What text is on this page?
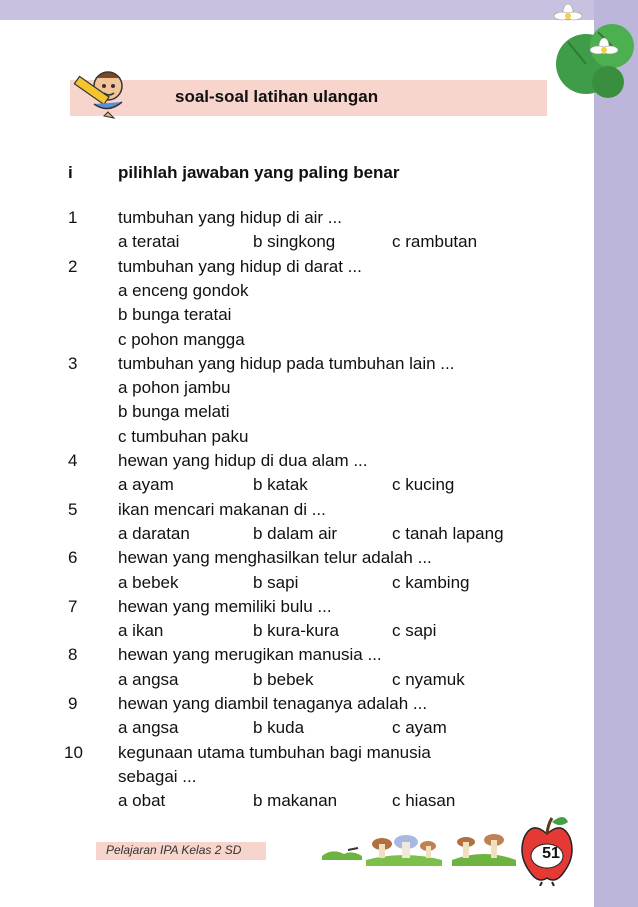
soal-soal latihan ulangan
i	pilihlah jawaban yang paling benar
1 tumbuhan yang hidup di air ...
a teratai	b singkong	c rambutan
2 tumbuhan yang hidup di darat ...
a enceng gondok
b bunga teratai
c pohon mangga
3 tumbuhan yang hidup pada tumbuhan lain ...
a pohon jambu
b bunga melati
c tumbuhan paku
4 hewan yang hidup di dua alam ...
a ayam	b katak	c kucing
5 ikan mencari makanan di ...
a daratan	b dalam air	c tanah lapang
6 hewan yang menghasilkan telur adalah ...
a bebek	b sapi	c kambing
7 hewan yang memiliki bulu ...
a ikan	b kura-kura	c sapi
8 hewan yang merugikan manusia ...
a angsa	b bebek	c nyamuk
9 hewan yang diambil tenaganya adalah ...
a angsa	b kuda	c ayam
10 kegunaan utama tumbuhan bagi manusia
sebagai ...
a obat	b makanan	c hiasan
Pelajaran IPA Kelas 2 SD	51
